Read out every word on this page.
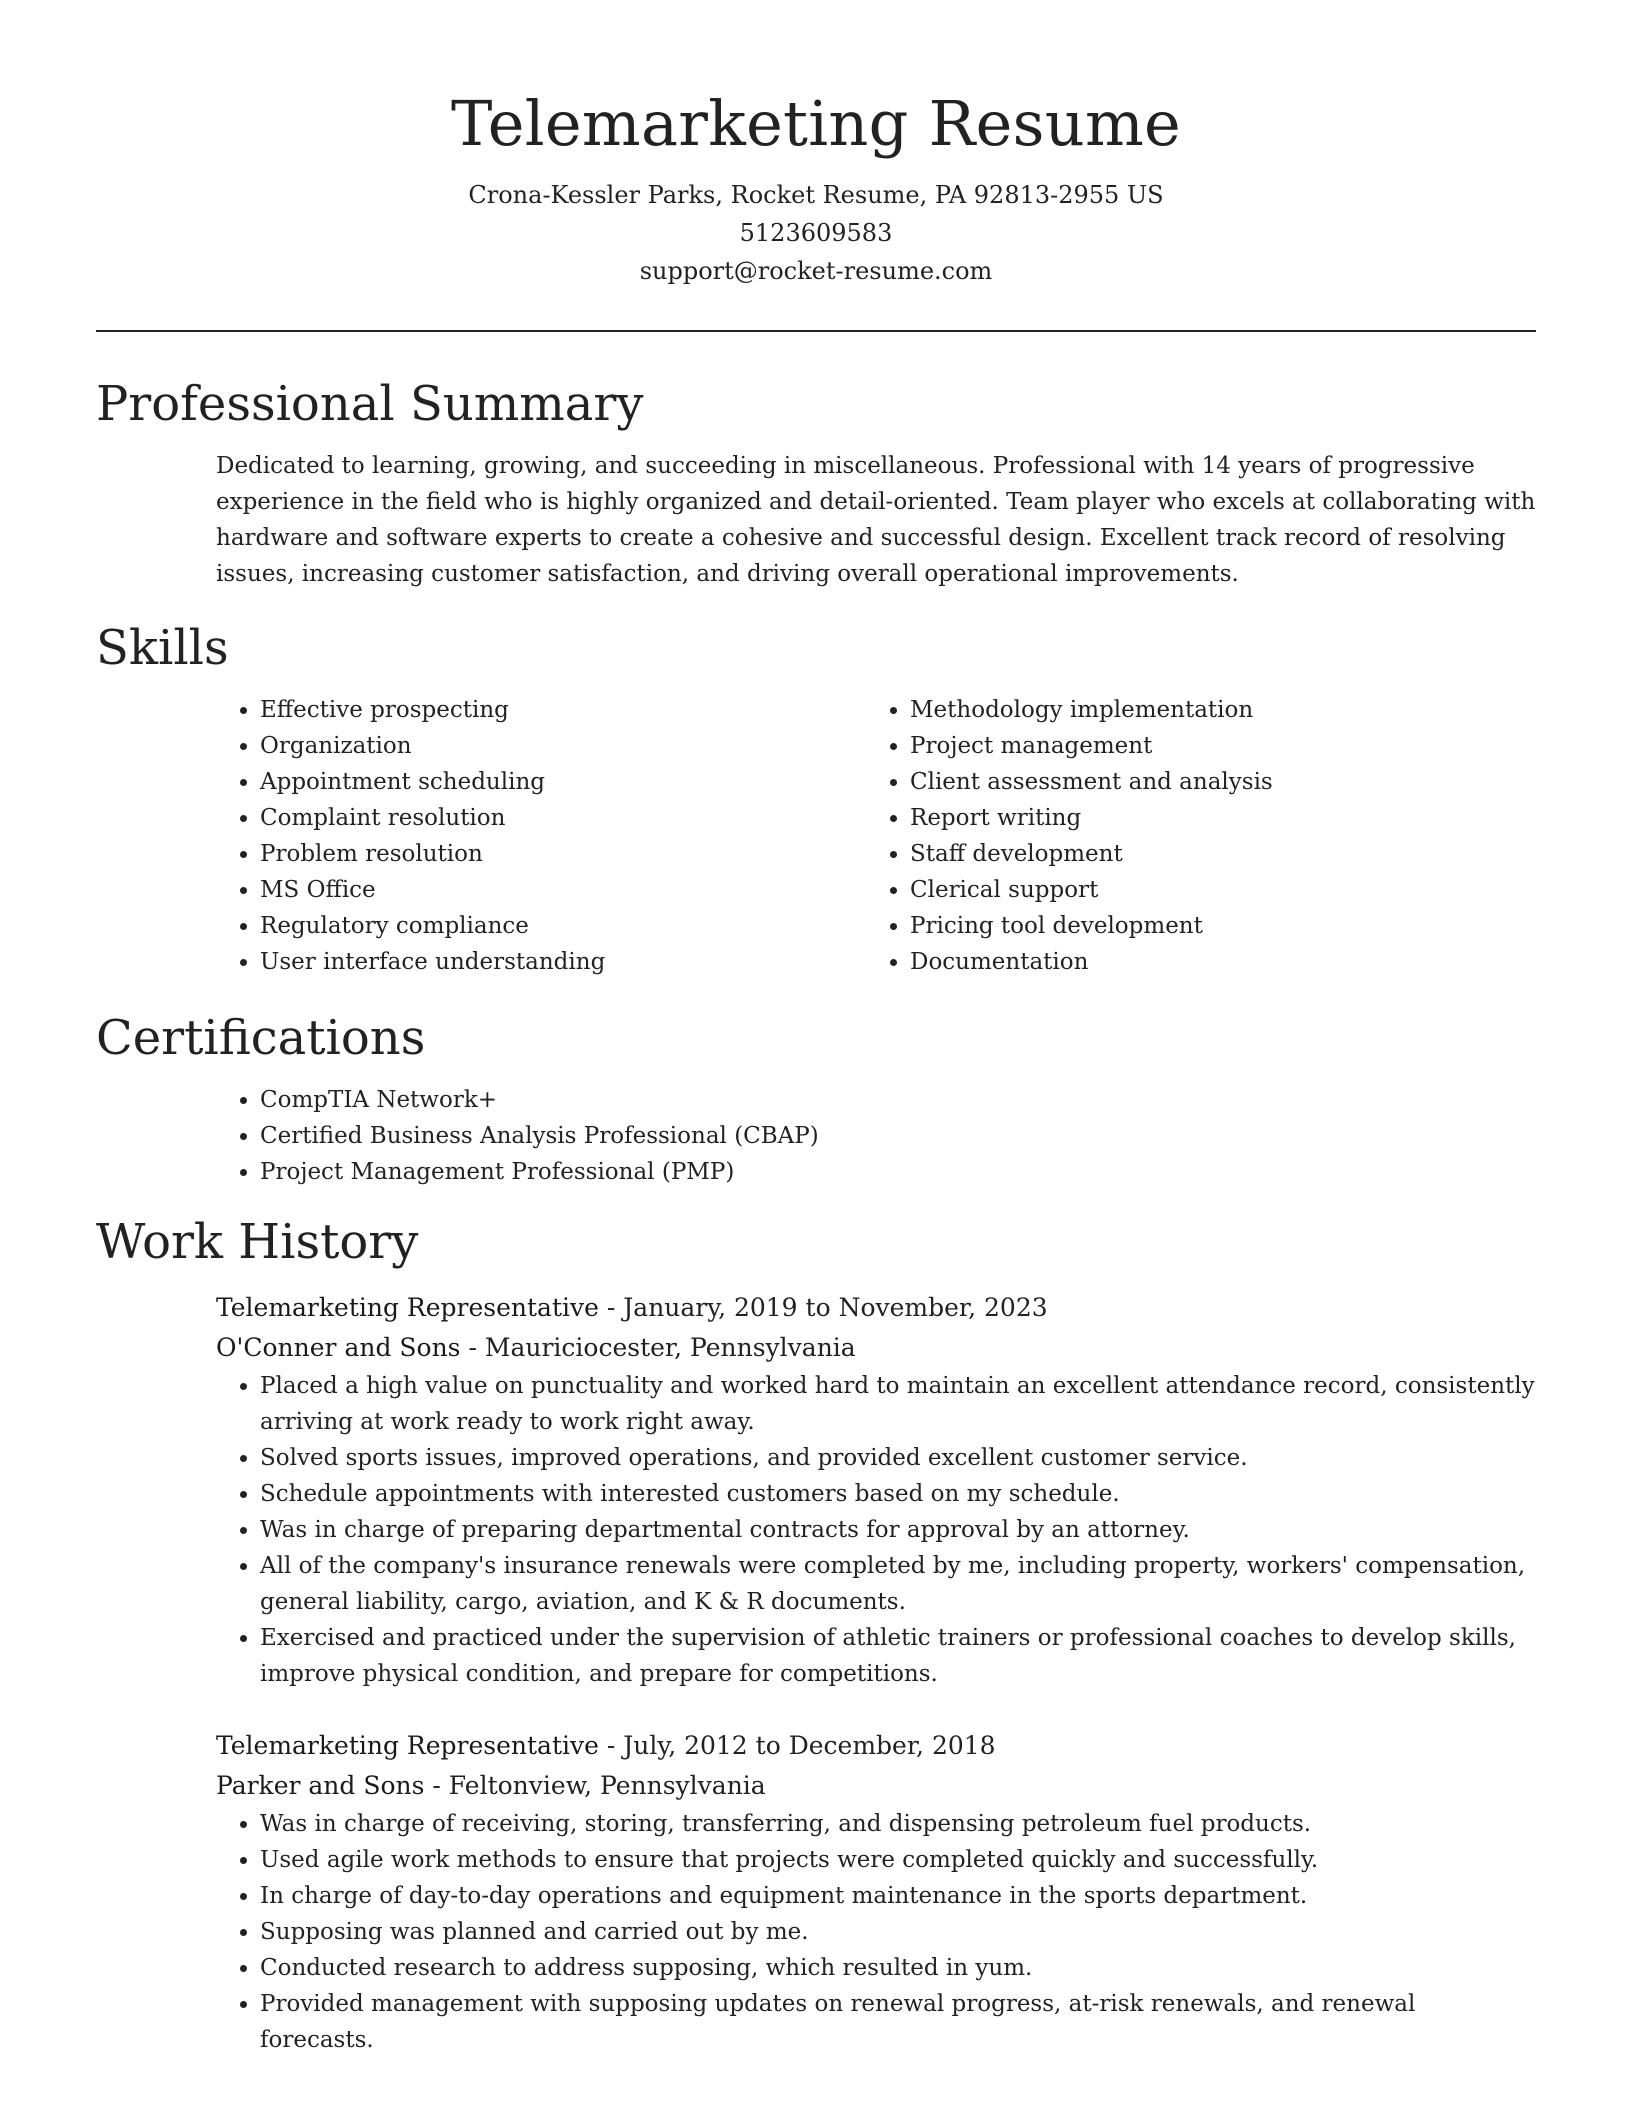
Telemarketing Resume
Crona-Kessler Parks, Rocket Resume, PA 92813-2955 US
5123609583
support@rocket-resume.com
Professional Summary

Dedicated to learning, growing, and succeeding in miscellaneous. Professional with 14 years of progressive experience in the field who is highly organized and detail-oriented. Team player who excels at collaborating with hardware and software experts to create a cohesive and successful design. Excellent track record of resolving issues, increasing customer satisfaction, and driving overall operational improvements.

Skills
• Effective prospecting
• Organization
• Appointment scheduling
• Complaint resolution
• Problem resolution
• MS Office
• Regulatory compliance
• User interface understanding
• Methodology implementation
• Project management
• Client assessment and analysis
• Report writing
• Staff development
• Clerical support
• Pricing tool development
• Documentation
Certifications
• CompTIA Network+
• Certified Business Analysis Professional (CBAP)
• Project Management Professional (PMP)
Work History
Telemarketing Representative - January, 2019 to November, 2023
O'Conner and Sons - Mauriciocester, Pennsylvania
• Placed a high value on punctuality and worked hard to maintain an excellent attendance record, consistently arriving at work ready to work right away.
• Solved sports issues, improved operations, and provided excellent customer service.
• Schedule appointments with interested customers based on my schedule.
• Was in charge of preparing departmental contracts for approval by an attorney.
• All of the company's insurance renewals were completed by me, including property, workers' compensation, general liability, cargo, aviation, and K & R documents.
• Exercised and practiced under the supervision of athletic trainers or professional coaches to develop skills, improve physical condition, and prepare for competitions.
Telemarketing Representative - July, 2012 to December, 2018
Parker and Sons - Feltonview, Pennsylvania
• Was in charge of receiving, storing, transferring, and dispensing petroleum fuel products.
• Used agile work methods to ensure that projects were completed quickly and successfully.
• In charge of day-to-day operations and equipment maintenance in the sports department.
• Supposing was planned and carried out by me.
• Conducted research to address supposing, which resulted in yum.
• Provided management with supposing updates on renewal progress, at-risk renewals, and renewal forecasts.
